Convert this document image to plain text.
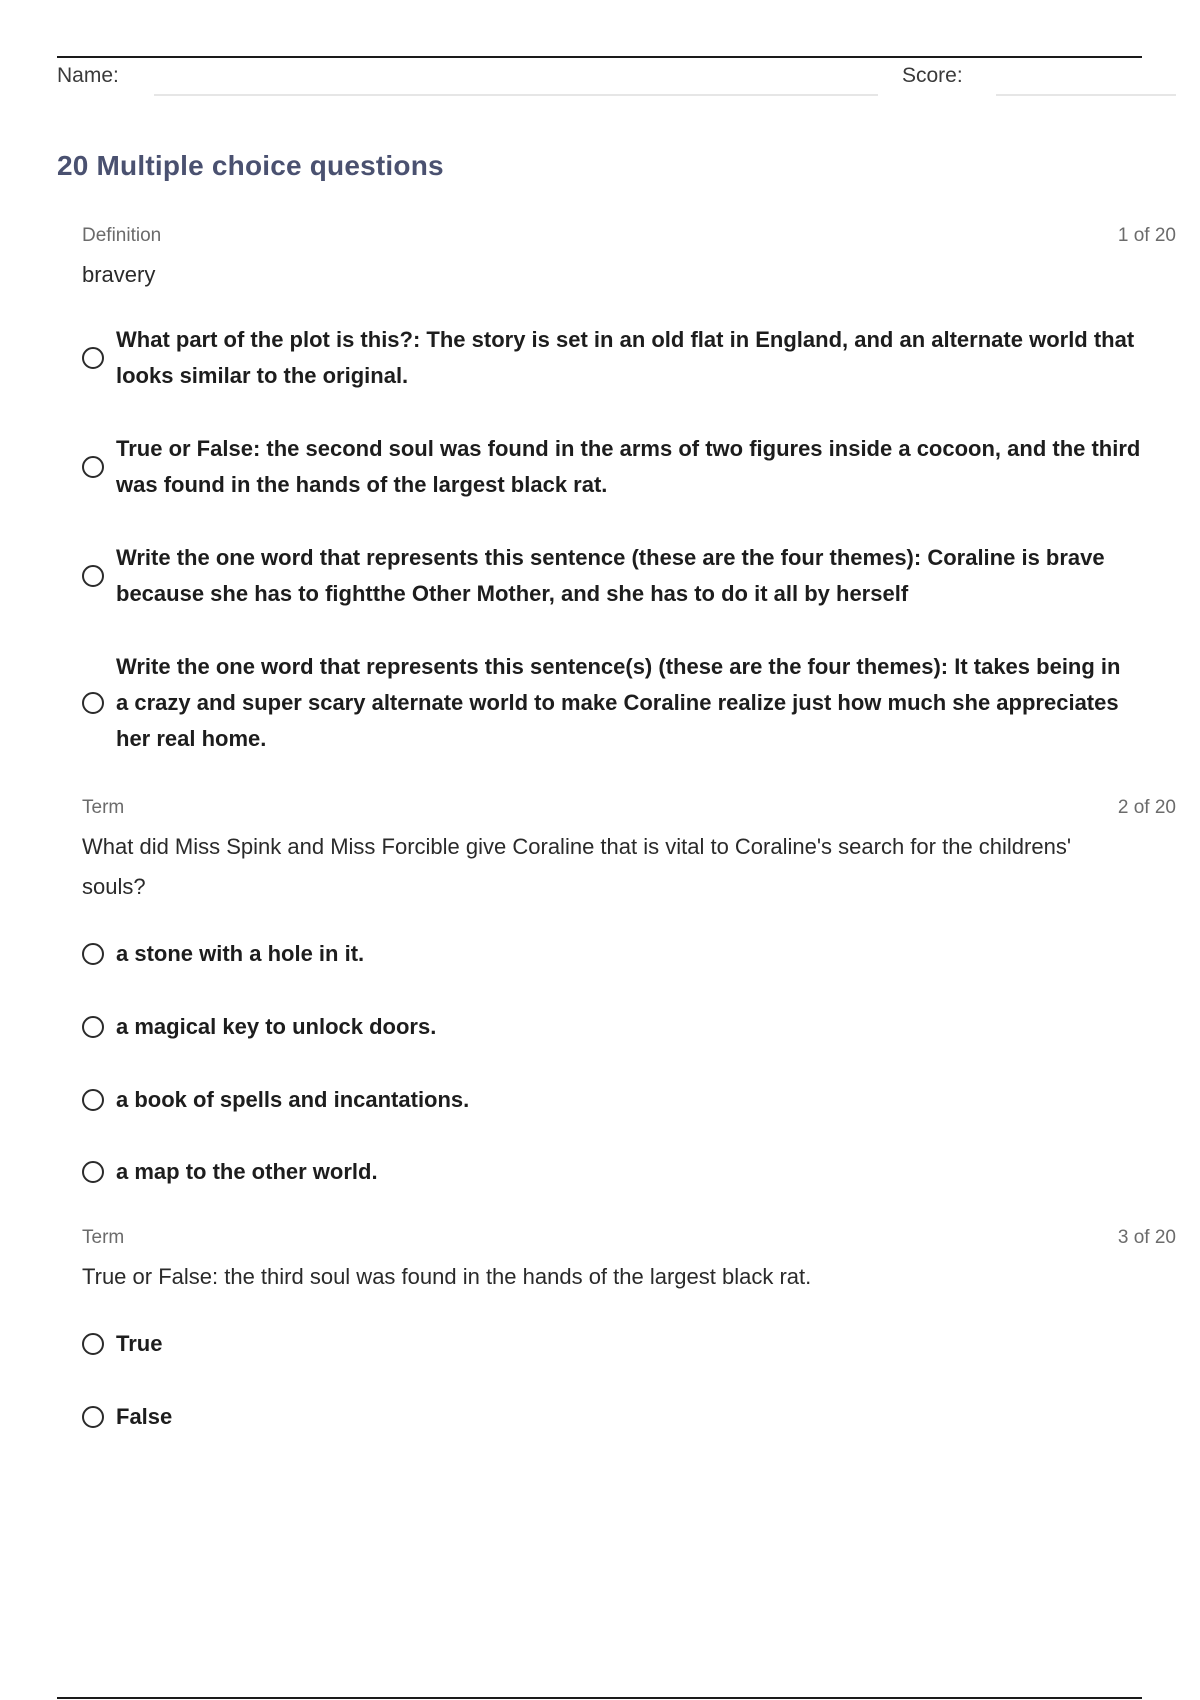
Name:	Score:
20 Multiple choice questions
Definition	1 of 20
bravery
What part of the plot is this?: The story is set in an old flat in England, and an alternate world that looks similar to the original.
True or False: the second soul was found in the arms of two figures inside a cocoon, and the third was found in the hands of the largest black rat.
Write the one word that represents this sentence (these are the four themes): Coraline is brave because she has to fightthe Other Mother, and she has to do it all by herself
Write the one word that represents this sentence(s) (these are the four themes): It takes being in a crazy and super scary alternate world to make Coraline realize just how much she appreciates her real home.
Term	2 of 20
What did Miss Spink and Miss Forcible give Coraline that is vital to Coraline's search for the childrens' souls?
a stone with a hole in it.
a magical key to unlock doors.
a book of spells and incantations.
a map to the other world.
Term	3 of 20
True or False: the third soul was found in the hands of the largest black rat.
True
False
